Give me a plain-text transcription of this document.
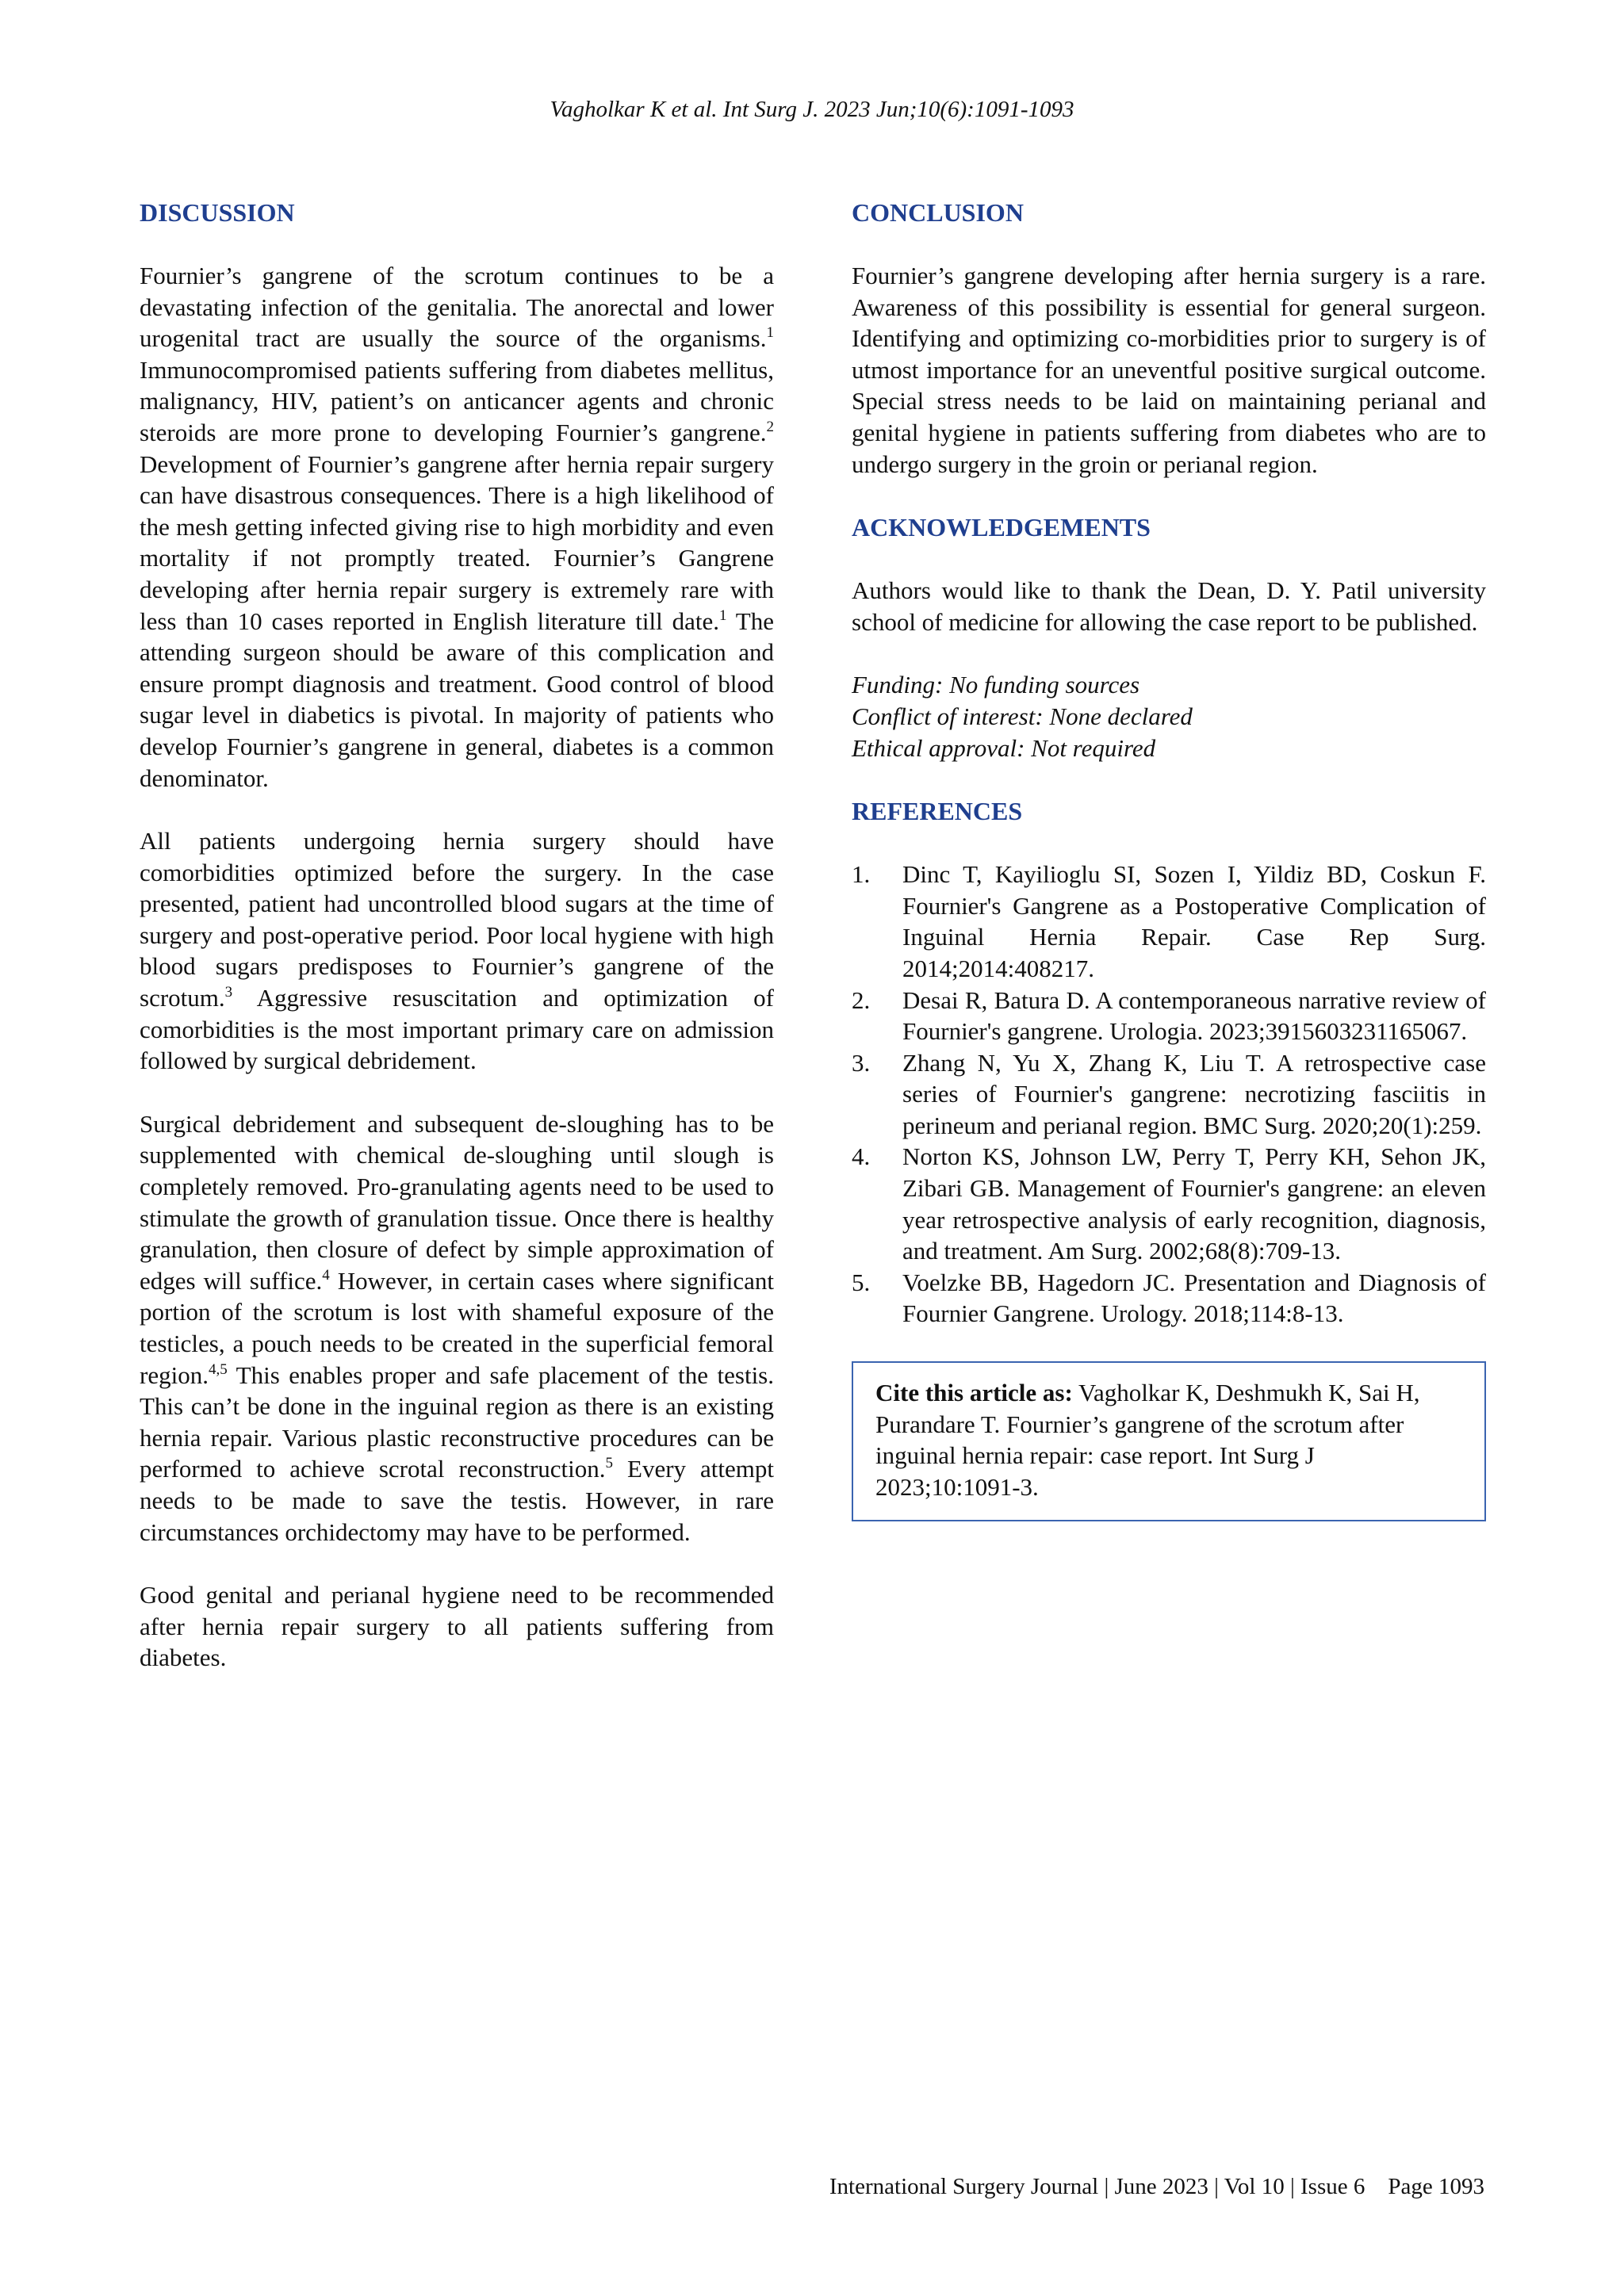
Vagholkar K et al. Int Surg J. 2023 Jun;10(6):1091-1093
DISCUSSION

Fournier’s gangrene of the scrotum continues to be a devastating infection of the genitalia. The anorectal and lower urogenital tract are usually the source of the organisms.$^1$ Immunocompromised patients suffering from diabetes mellitus, malignancy, HIV, patient’s on anticancer agents and chronic steroids are more prone to developing Fournier’s gangrene.$^2$ Development of Fournier’s gangrene after hernia repair surgery can have disastrous consequences. There is a high likelihood of the mesh getting infected giving rise to high morbidity and even mortality if not promptly treated. Fournier’s Gangrene developing after hernia repair surgery is extremely rare with less than 10 cases reported in English literature till date.$^1$ The attending surgeon should be aware of this complication and ensure prompt diagnosis and treatment. Good control of blood sugar level in diabetics is pivotal. In majority of patients who develop Fournier’s gangrene in general, diabetes is a common denominator.

All patients undergoing hernia surgery should have comorbidities optimized before the surgery. In the case presented, patient had uncontrolled blood sugars at the time of surgery and post-operative period. Poor local hygiene with high blood sugars predisposes to Fournier’s gangrene of the scrotum.$^3$ Aggressive resuscitation and optimization of comorbidities is the most important primary care on admission followed by surgical debridement.

Surgical debridement and subsequent de-sloughing has to be supplemented with chemical de-sloughing until slough is completely removed. Pro-granulating agents need to be used to stimulate the growth of granulation tissue. Once there is healthy granulation, then closure of defect by simple approximation of edges will suffice.$^4$ However, in certain cases where significant portion of the scrotum is lost with shameful exposure of the testicles, a pouch needs to be created in the superficial femoral region.$^{4,5}$ This enables proper and safe placement of the testis. This can’t be done in the inguinal region as there is an existing hernia repair. Various plastic reconstructive procedures can be performed to achieve scrotal reconstruction.$^5$ Every attempt needs to be made to save the testis. However, in rare circumstances orchidectomy may have to be performed.

Good genital and perianal hygiene need to be recommended after hernia repair surgery to all patients suffering from diabetes.

CONCLUSION

Fournier’s gangrene developing after hernia surgery is a rare. Awareness of this possibility is essential for general surgeon. Identifying and optimizing co-morbidities prior to surgery is of utmost importance for an uneventful positive surgical outcome. Special stress needs to be laid on maintaining perianal and genital hygiene in patients suffering from diabetes who are to undergo surgery in the groin or perianal region.

ACKNOWLEDGEMENTS

Authors would like to thank the Dean, D. Y. Patil university school of medicine for allowing the case report to be published.

Funding: No funding sources
Conflict of interest: None declared
Ethical approval: Not required
REFERENCES
1.	Dinc T, Kayilioglu SI, Sozen I, Yildiz BD, Coskun F. Fournier's Gangrene as a Postoperative Complication of Inguinal Hernia Repair. Case Rep Surg. 2014;2014:408217.
2.	Desai R, Batura D. A contemporaneous narrative review of Fournier's gangrene. Urologia. 2023;3915603231165067.
3.	Zhang N, Yu X, Zhang K, Liu T. A retrospective case series of Fournier's gangrene: necrotizing fasciitis in perineum and perianal region. BMC Surg. 2020;20(1):259.
4.	Norton KS, Johnson LW, Perry T, Perry KH, Sehon JK, Zibari GB. Management of Fournier's gangrene: an eleven year retrospective analysis of early recognition, diagnosis, and treatment. Am Surg. 2002;68(8):709-13.
5.	Voelzke BB, Hagedorn JC. Presentation and Diagnosis of Fournier Gangrene. Urology. 2018;114:8-13.
Cite this article as: Vagholkar K, Deshmukh K, Sai H, Purandare T. Fournier’s gangrene of the scrotum after inguinal hernia repair: case report. Int Surg J 2023;10:1091-3.
International Surgery Journal | June 2023 | Vol 10 | Issue 6    Page 1093
